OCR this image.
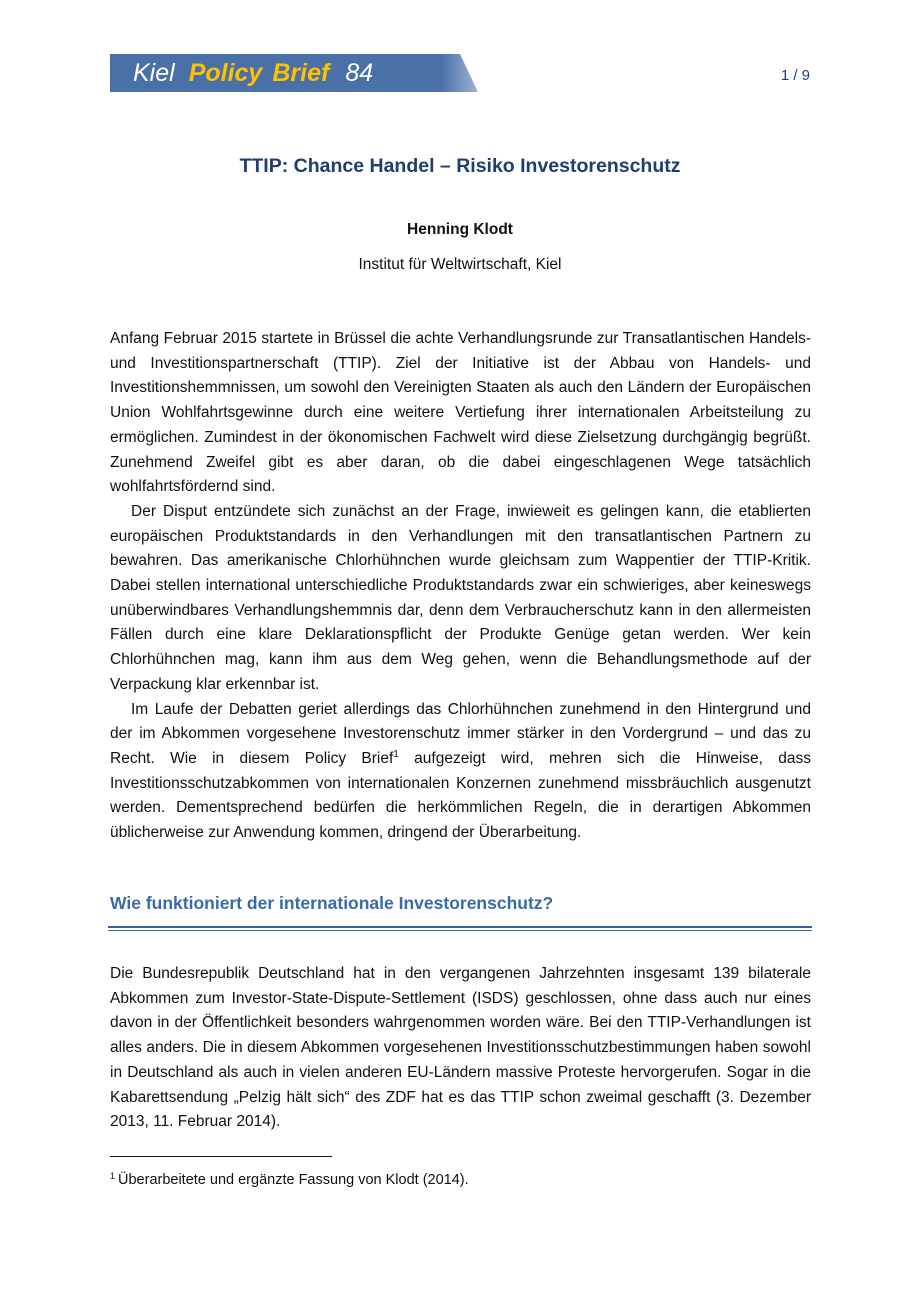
Kiel Policy Brief 84	1 / 9
TTIP: Chance Handel – Risiko Investorenschutz
Henning Klodt
Institut für Weltwirtschaft, Kiel

Anfang Februar 2015 startete in Brüssel die achte Verhandlungsrunde zur Transatlantischen Handels- und Investitionspartnerschaft (TTIP). Ziel der Initiative ist der Abbau von Handels- und Investitionshemmnissen, um sowohl den Vereinigten Staaten als auch den Ländern der Europäischen Union Wohlfahrtsgewinne durch eine weitere Vertiefung ihrer internationalen Arbeitsteilung zu ermöglichen. Zumindest in der ökonomischen Fachwelt wird diese Zielsetzung durchgängig begrüßt. Zunehmend Zweifel gibt es aber daran, ob die dabei eingeschlagenen Wege tatsächlich wohlfahrtsfördernd sind.

Der Disput entzündete sich zunächst an der Frage, inwieweit es gelingen kann, die etablierten europäischen Produktstandards in den Verhandlungen mit den transatlantischen Partnern zu bewahren. Das amerikanische Chlorhühnchen wurde gleichsam zum Wappentier der TTIP-Kritik. Dabei stellen international unterschiedliche Produktstandards zwar ein schwieriges, aber keineswegs unüberwindbares Verhandlungshemmnis dar, denn dem Verbraucherschutz kann in den allermeisten Fällen durch eine klare Deklarationspflicht der Produkte Genüge getan werden. Wer kein Chlorhühnchen mag, kann ihm aus dem Weg gehen, wenn die Behandlungsmethode auf der Verpackung klar erkennbar ist.

Im Laufe der Debatten geriet allerdings das Chlorhühnchen zunehmend in den Hintergrund und der im Abkommen vorgesehene Investorenschutz immer stärker in den Vordergrund – und das zu Recht. Wie in diesem Policy Brief$^1$ aufgezeigt wird, mehren sich die Hinweise, dass Investitionsschutzabkommen von internationalen Konzernen zunehmend missbräuchlich ausgenutzt werden. Dementsprechend bedürfen die herkömmlichen Regeln, die in derartigen Abkommen üblicherweise zur Anwendung kommen, dringend der Überarbeitung.

Wie funktioniert der internationale Investorenschutz?

Die Bundesrepublik Deutschland hat in den vergangenen Jahrzehnten insgesamt 139 bilaterale Abkommen zum Investor-State-Dispute-Settlement (ISDS) geschlossen, ohne dass auch nur eines davon in der Öffentlichkeit besonders wahrgenommen worden wäre. Bei den TTIP-Verhandlungen ist alles anders. Die in diesem Abkommen vorgesehenen Investitionsschutzbestimmungen haben sowohl in Deutschland als auch in vielen anderen EU-Ländern massive Proteste hervorgerufen. Sogar in die Kabarettsendung „Pelzig hält sich“ des ZDF hat es das TTIP schon zweimal geschafft (3. Dezember 2013, 11. Februar 2014).

$^1$ Überarbeitete und ergänzte Fassung von Klodt (2014).
